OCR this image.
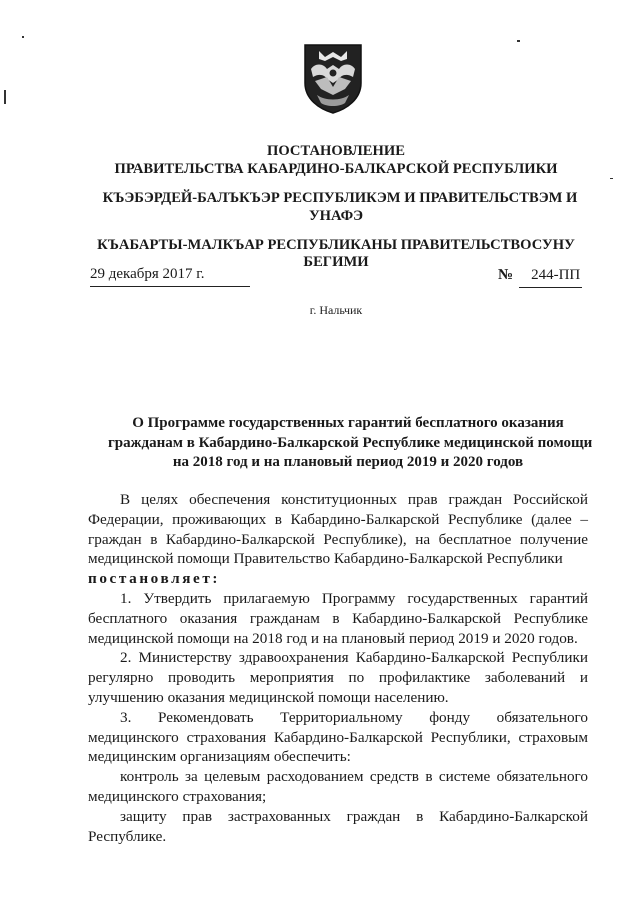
ПОСТАНОВЛЕНИЕ
ПРАВИТЕЛЬСТВА КАБАРДИНО-БАЛКАРСКОЙ РЕСПУБЛИКИ
КЪЭБЭРДЕЙ-БАЛЪКЪЭР РЕСПУБЛИКЭМ И ПРАВИТЕЛЬСТВЭМ И
УНАФЭ
КЪАБАРТЫ-МАЛКЪАР РЕСПУБЛИКАНЫ ПРАВИТЕЛЬСТВОСУНУ
БЕГИМИ
29 декабря 2017 г.	№ 244-ПП
г. Нальчик
О Программе государственных гарантий бесплатного оказания
гражданам в Кабардино-Балкарской Республике медицинской помощи
на 2018 год и на плановый период 2019 и 2020 годов

В целях обеспечения конституционных прав граждан Российской Федерации, проживающих в Кабардино-Балкарской Республике (далее – граждан в Кабардино-Балкарской Республике), на бесплатное получение медицинской помощи Правительство Кабардино-Балкарской Республики
постановляет:

1. Утвердить прилагаемую Программу государственных гарантий бесплатного оказания гражданам в Кабардино-Балкарской Республике медицинской помощи на 2018 год и на плановый период 2019 и 2020 годов.

2. Министерству здравоохранения Кабардино-Балкарской Республики регулярно проводить мероприятия по профилактике заболеваний и улучшению оказания медицинской помощи населению.

3. Рекомендовать Территориальному фонду обязательного медицинского страхования Кабардино-Балкарской Республики, страховым медицинским организациям обеспечить:

контроль за целевым расходованием средств в системе обязательного медицинского страхования;

защиту прав застрахованных граждан в Кабардино-Балкарской Республике.
